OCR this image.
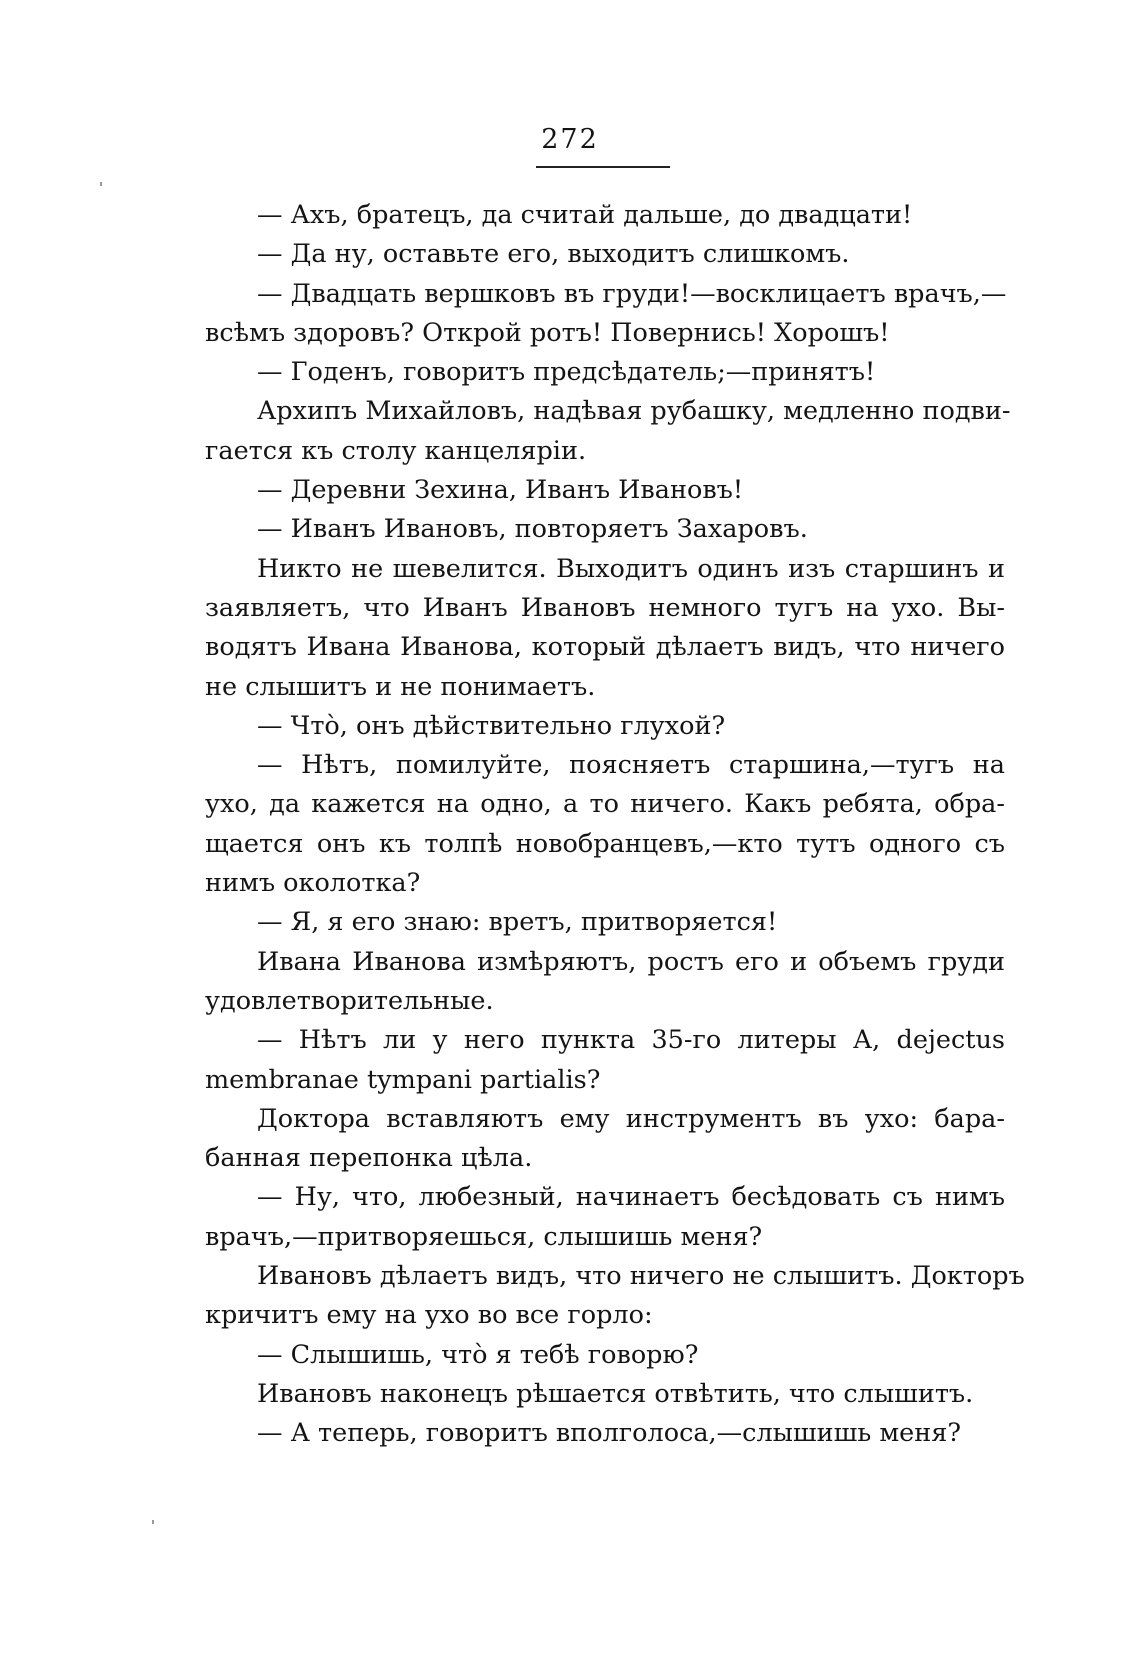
272
— Ахъ, братецъ, да считай дальше, до двадцати!
— Да ну, оставьте его, выходитъ слишкомъ.
— Двадцать вершковъ въ груди!—восклицаетъ врачъ,—
всѣмъ здоровъ? Открой ротъ! Повернись! Хорошъ!
— Годенъ, говоритъ предсѣдатель;—принятъ!
Архипъ Михайловъ, надѣвая рубашку, медленно подви-
гается къ столу канцеляріи.
— Деревни Зехина, Иванъ Ивановъ!
— Иванъ Ивановъ, повторяетъ Захаровъ.
Никто не шевелится. Выходитъ одинъ изъ старшинъ и
заявляетъ, что Иванъ Ивановъ немного тугъ на ухо. Вы-
водятъ Ивана Иванова, который дѣлаетъ видъ, что ничего
не слышитъ и не понимаетъ.
— Чтò, онъ дѣйствительно глухой?
— Нѣтъ, помилуйте, поясняетъ старшина,—тугъ на
ухо, да кажется на одно, а то ничего. Какъ ребята, обра-
щается онъ къ толпѣ новобранцевъ,—кто тутъ одного съ
нимъ околотка?
— Я, я его знаю: вретъ, притворяется!
Ивана Иванова измѣряютъ, ростъ его и объемъ груди
удовлетворительные.
— Нѣтъ ли у него пункта 35-го литеры А, dejectus
membranae tympani partialis?
Доктора вставляютъ ему инструментъ въ ухо: бара-
банная перепонка цѣла.
— Ну, что, любезный, начинаетъ бесѣдовать съ нимъ
врачъ,—притворяешься, слышишь меня?
Ивановъ дѣлаетъ видъ, что ничего не слышитъ. Докторъ
кричитъ ему на ухо во все горло:
— Слышишь, чтò я тебѣ говорю?
Ивановъ наконецъ рѣшается отвѣтить, что слышитъ.
— А теперь, говоритъ вполголоса,—слышишь меня?
